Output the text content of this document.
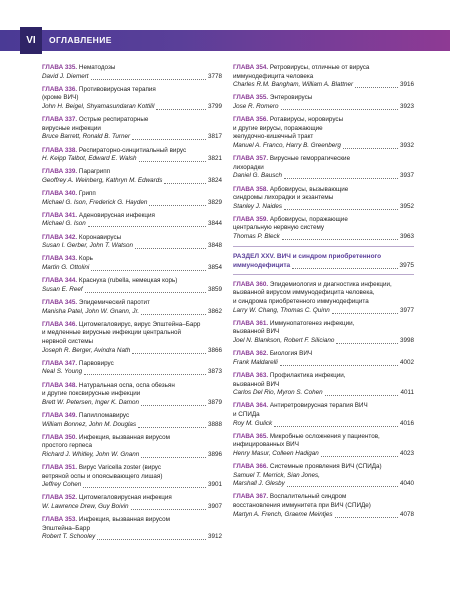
VI	ОГЛАВЛЕНИЕ
ГЛАВА 335. Нематодозы
David J. Diemert	3778
ГЛАВА 336. Противовирусная терапия
(кроме ВИЧ)
John H. Beigel, Shyamasundaran Kottilil	3799
ГЛАВА 337. Острые респираторные
вирусные инфекции
Bruce Barrett, Ronald B. Turner	3817
ГЛАВА 338. Респираторно-синцитиальный вирус
H. Keipp Talbot, Edward E. Walsh	3821
ГЛАВА 339. Парагрипп
Geoffrey A. Weinberg, Kathryn M. Edwards	3824
ГЛАВА 340. Грипп
Michael G. Ison, Frederick G. Hayden	3829
ГЛАВА 341. Аденовирусная инфекция
Michael G. Ison	3844
ГЛАВА 342. Коронавирусы
Susan I. Gerber, John T. Watson	3848
ГЛАВА 343. Корь
Martin G. Ottolini	3854
ГЛАВА 344. Краснуха (rubella, немецкая корь)
Susan E. Reef	3859
ГЛАВА 345. Эпидемический паротит
Manisha Patel, John W. Gnann, Jr.	3862
ГЛАВА 346. Цитомегаловирус, вирус Эпштейна–Барр
и медленные вирусные инфекции центральной
нервной системы
Joseph R. Berger, Avindra Nath	3866
ГЛАВА 347. Парвовирус
Neal S. Young	3873
ГЛАВА 348. Натуральная оспа, оспа обезьян
и другие поксвирусные инфекции
Brett W. Petersen, Inger K. Damon	3879
ГЛАВА 349. Папилломавирус
William Bonnez, John M. Douglas	3888
ГЛАВА 350. Инфекция, вызванная вирусом
простого герпеса
Richard J. Whitley, John W. Gnann	3896
ГЛАВА 351. Вирус Varicella zoster (вирус
ветряной оспы и опоясывающего лишая)
Jeffrey Cohen	3901
ГЛАВА 352. Цитомегаловирусная инфекция
W. Lawrence Drew, Guy Boivin	3907
ГЛАВА 353. Инфекция, вызванная вирусом
Эпштейна–Барр
Robert T. Schooley	3912
ГЛАВА 354. Ретровирусы, отличные от вируса
иммунодефицита человека
Charles R.M. Bangham, William A. Blattner	3916
ГЛАВА 355. Энтеровирусы
Jose R. Romero	3923
ГЛАВА 356. Ротавирусы, норовирусы
и другие вирусы, поражающие
желудочно-кишечный тракт
Manuel A. Franco, Harry B. Greenberg	3932
ГЛАВА 357. Вирусные геморрагические
лихорадки
Daniel G. Bausch	3937
ГЛАВА 358. Арбовирусы, вызывающие
синдромы лихорадки и экзантемы
Stanley J. Naides	3952
ГЛАВА 359. Арбовирусы, поражающие
центральную нервную систему
Thomas P. Bleck	3963
РАЗДЕЛ XXV. ВИЧ и синдром приобретенного
иммунодефицита	3975
ГЛАВА 360. Эпидемиология и диагностика инфекции,
вызванной вирусом иммунодефицита человека,
и синдрома приобретенного иммунодефицита
Larry W. Chang, Thomas C. Quinn	3977
ГЛАВА 361. Иммунопатогенез инфекции,
вызванной ВИЧ
Joel N. Blankson, Robert F. Siliciano	3998
ГЛАВА 362. Биология ВИЧ
Frank Maldarelli	4002
ГЛАВА 363. Профилактика инфекции,
вызванной ВИЧ
Carlos Del Rio, Myron S. Cohen	4011
ГЛАВА 364. Антиретровирусная терапия ВИЧ
и СПИДа
Roy M. Gulick	4016
ГЛАВА 365. Микробные осложнения у пациентов,
инфицированных ВИЧ
Henry Masur, Colleen Hadigan	4023
ГЛАВА 366. Системные проявления ВИЧ (СПИДа)
Samuel T. Merrick, Sian Jones,
Marshall J. Glesby	4040
ГЛАВА 367. Воспалительный синдром
восстановления иммунитета при ВИЧ (СПИДе)
Martyn A. French, Graeme Meintjes	4078
